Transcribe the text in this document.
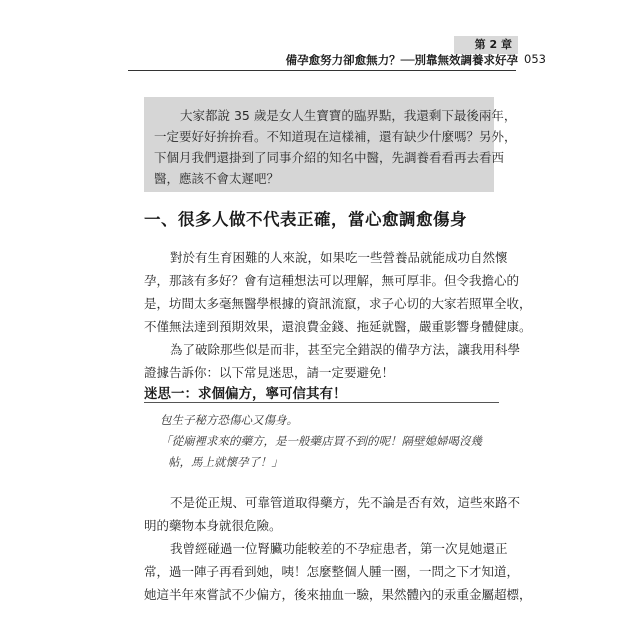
第 2 章
備孕愈努力卻愈無力？──別靠無效調養求好孕 053
大家都說 35 歲是女人生寶寶的臨界點，我還剩下最後兩年，
一定要好好拚拚看。不知道現在這樣補，還有缺少什麼嗎？另外，
下個月我們還掛到了同事介紹的知名中醫，先調養看看再去看西
醫，應該不會太遲吧？
一、很多人做不代表正確，當心愈調愈傷身
對於有生育困難的人來說，如果吃一些營養品就能成功自然懷
孕，那該有多好？會有這種想法可以理解，無可厚非。但令我擔心的
是，坊間太多毫無醫學根據的資訊流竄，求子心切的大家若照單全收，
不僅無法達到預期效果，還浪費金錢、拖延就醫，嚴重影響身體健康。
為了破除那些似是而非，甚至完全錯誤的備孕方法，讓我用科學
證據告訴你：以下常見迷思，請一定要避免！
迷思一：求個偏方，寧可信其有！
包生子秘方恐傷心又傷身。
「從廟裡求來的藥方，是一般藥店買不到的呢！隔壁媳婦喝沒幾
帖，馬上就懷孕了！」
不是從正規、可靠管道取得藥方，先不論是否有效，這些來路不
明的藥物本身就很危險。
我曾經碰過一位腎臟功能較差的不孕症患者，第一次見她還正
常，過一陣子再看到她，咦！怎麼整個人腫一圈，一問之下才知道，
她這半年來嘗試不少偏方，後來抽血一驗，果然體內的汞重金屬超標，
